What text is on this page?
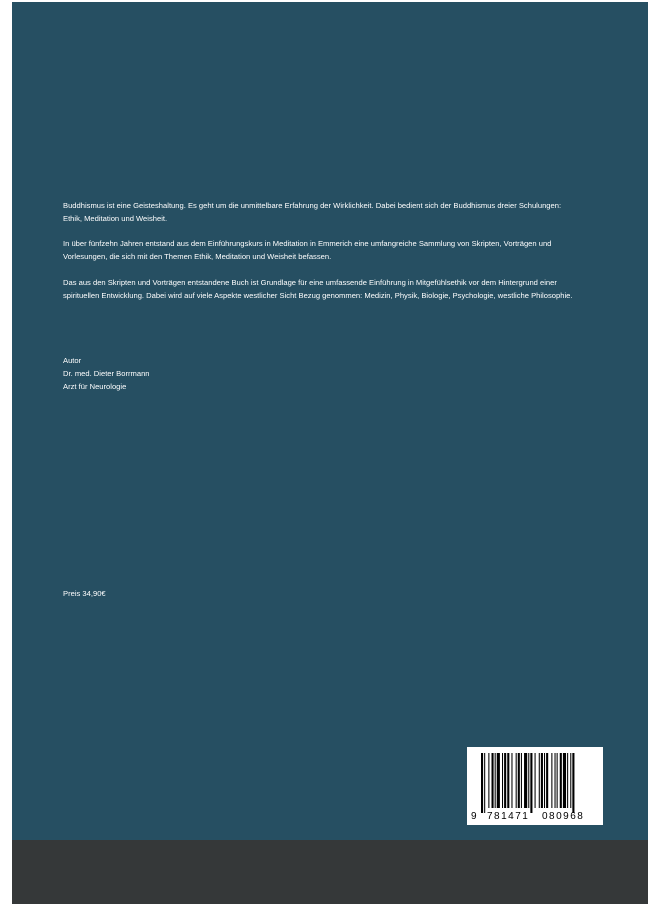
Buddhismus ist eine Geisteshaltung. Es geht um die unmittelbare Erfahrung der Wirklichkeit. Dabei bedient sich der Buddhismus dreier Schulungen: Ethik, Meditation und Weisheit.

In über fünfzehn Jahren entstand aus dem Einführungskurs in Meditation in Emmerich eine umfangreiche Sammlung von Skripten, Vorträgen und Vorlesungen, die sich mit den Themen Ethik, Meditation und Weisheit befassen.

Das aus den Skripten und Vorträgen entstandene Buch ist Grundlage für eine umfassende Einführung in Mitgefühlsethik vor dem Hintergrund einer spirituellen Entwicklung. Dabei wird auf viele Aspekte westlicher Sicht Bezug genommen: Medizin, Physik, Biologie, Psychologie, westliche Philosophie.

Autor
Dr. med. Dieter Borrmann
Arzt für Neurologie
Preis 34,90€
9 781471 080968
